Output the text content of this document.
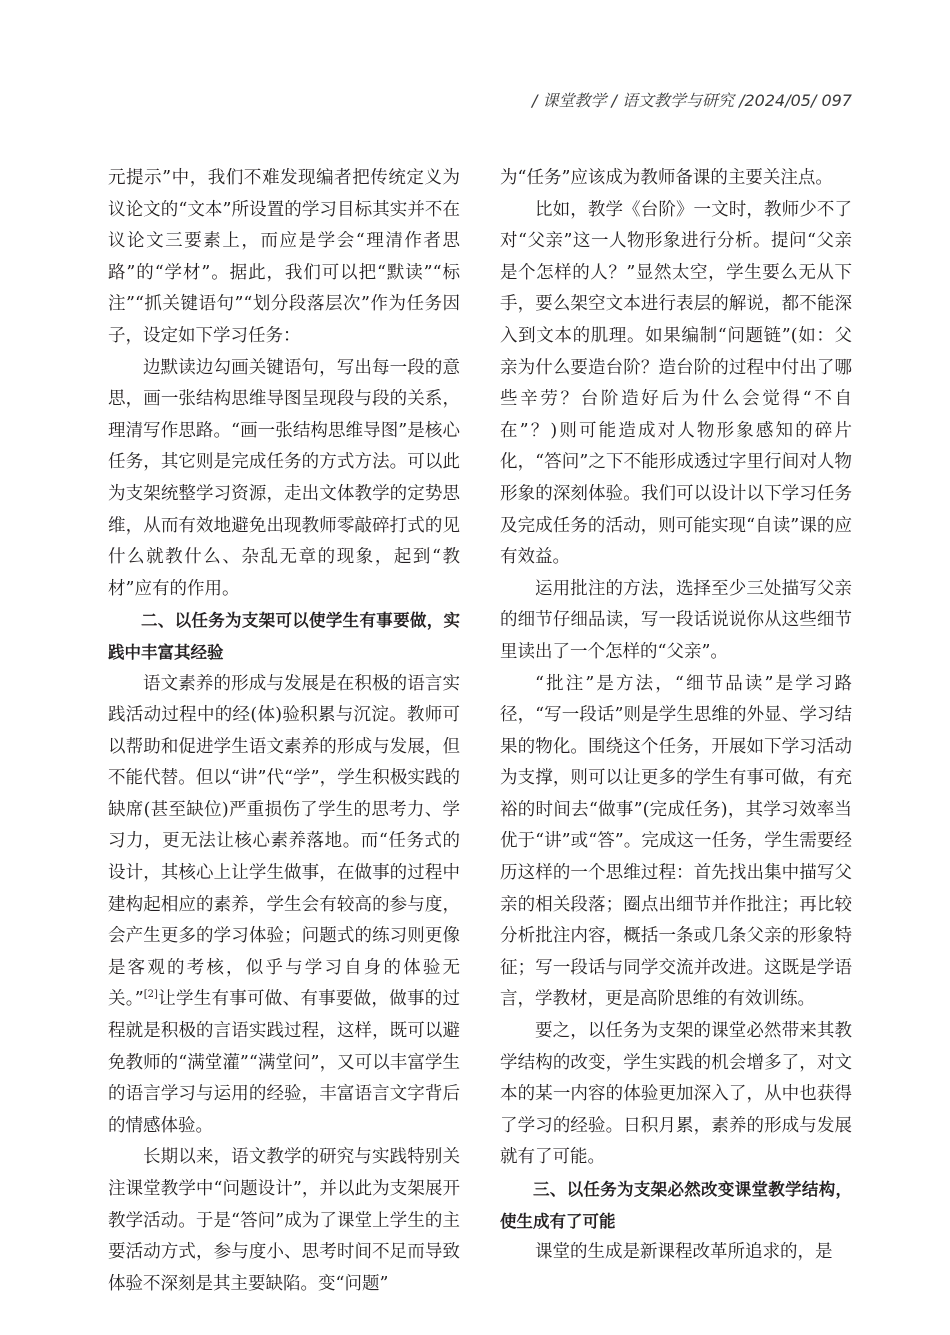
/ 课堂教学 / 语文教学与研究 /2024/05/ 097

元提示”中，我们不难发现编者把传统定义为议论文的“文本”所设置的学习目标其实并不在议论文三要素上，而应是学会“理清作者思路”的“学材”。据此，我们可以把“默读”“标注”“抓关键语句”“划分段落层次”作为任务因子，设定如下学习任务：

边默读边勾画关键语句，写出每一段的意思，画一张结构思维导图呈现段与段的关系，理清写作思路。“画一张结构思维导图”是核心任务，其它则是完成任务的方式方法。可以此为支架统整学习资源，走出文体教学的定势思维，从而有效地避免出现教师零敲碎打式的见什么就教什么、杂乱无章的现象，起到“教材”应有的作用。

二、以任务为支架可以使学生有事要做，实践中丰富其经验

语文素养的形成与发展是在积极的语言实践活动过程中的经(体)验积累与沉淀。教师可以帮助和促进学生语文素养的形成与发展，但不能代替。但以“讲”代“学”，学生积极实践的缺席(甚至缺位)严重损伤了学生的思考力、学习力，更无法让核心素养落地。而“任务式的设计，其核心上让学生做事，在做事的过程中建构起相应的素养，学生会有较高的参与度，会产生更多的学习体验；问题式的练习则更像是客观的考核，似乎与学习自身的体验无关。”[2]让学生有事可做、有事要做，做事的过程就是积极的言语实践过程，这样，既可以避免教师的“满堂灌”“满堂问”，又可以丰富学生的语言学习与运用的经验，丰富语言文字背后的情感体验。

长期以来，语文教学的研究与实践特别关注课堂教学中“问题设计”，并以此为支架展开教学活动。于是“答问”成为了课堂上学生的主要活动方式，参与度小、思考时间不足而导致体验不深刻是其主要缺陷。变“问题”

为“任务”应该成为教师备课的主要关注点。

比如，教学《台阶》一文时，教师少不了对“父亲”这一人物形象进行分析。提问“父亲是个怎样的人？”显然太空，学生要么无从下手，要么架空文本进行表层的解说，都不能深入到文本的肌理。如果编制“问题链”(如：父亲为什么要造台阶？造台阶的过程中付出了哪些辛劳？台阶造好后为什么会觉得“不自在”？)则可能造成对人物形象感知的碎片化，“答问”之下不能形成透过字里行间对人物形象的深刻体验。我们可以设计以下学习任务及完成任务的活动，则可能实现“自读”课的应有效益。

运用批注的方法，选择至少三处描写父亲的细节仔细品读，写一段话说说你从这些细节里读出了一个怎样的“父亲”。

“批注”是方法，“细节品读”是学习路径，“写一段话”则是学生思维的外显、学习结果的物化。围绕这个任务，开展如下学习活动为支撑，则可以让更多的学生有事可做，有充裕的时间去“做事”(完成任务)，其学习效率当优于“讲”或“答”。完成这一任务，学生需要经历这样的一个思维过程：首先找出集中描写父亲的相关段落；圈点出细节并作批注；再比较分析批注内容，概括一条或几条父亲的形象特征；写一段话与同学交流并改进。这既是学语言，学教材，更是高阶思维的有效训练。

要之，以任务为支架的课堂必然带来其教学结构的改变，学生实践的机会增多了，对文本的某一内容的体验更加深入了，从中也获得了学习的经验。日积月累，素养的形成与发展就有了可能。

三、以任务为支架必然改变课堂教学结构，使生成有了可能

课堂的生成是新课程改革所追求的，是
